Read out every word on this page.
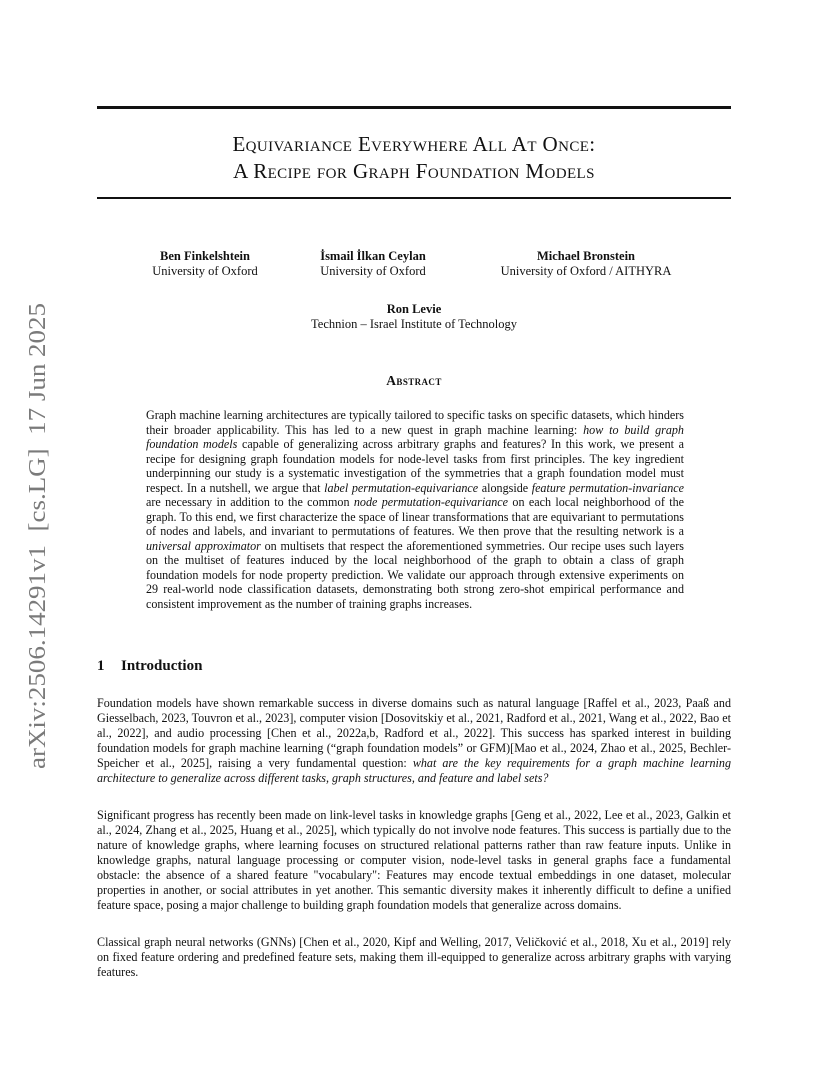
arXiv:2506.14291v1  [cs.LG]  17 Jun 2025
Equivariance Everywhere All At Once:
A Recipe for Graph Foundation Models
Ben Finkelshtein
University of Oxford
İsmail İlkan Ceylan
University of Oxford
Michael Bronstein
University of Oxford / AITHYRA
Ron Levie
Technion – Israel Institute of Technology
Abstract
Graph machine learning architectures are typically tailored to specific tasks on specific datasets, which hinders their broader applicability. This has led to a new quest in graph machine learning: how to build graph foundation models capable of generalizing across arbitrary graphs and features? In this work, we present a recipe for designing graph foundation models for node-level tasks from first principles. The key ingredient underpinning our study is a systematic investigation of the symmetries that a graph foundation model must respect. In a nutshell, we argue that label permutation-equivariance alongside feature permutation-invariance are necessary in addition to the common node permutation-equivariance on each local neighborhood of the graph. To this end, we first characterize the space of linear transformations that are equivariant to permutations of nodes and labels, and invariant to permutations of features. We then prove that the resulting network is a universal approximator on multisets that respect the aforementioned symmetries. Our recipe uses such layers on the multiset of features induced by the local neighborhood of the graph to obtain a class of graph foundation models for node property prediction. We validate our approach through extensive experiments on 29 real-world node classification datasets, demonstrating both strong zero-shot empirical performance and consistent improvement as the number of training graphs increases.
1 Introduction

Foundation models have shown remarkable success in diverse domains such as natural language [Raffel et al., 2023, Paaß and Giesselbach, 2023, Touvron et al., 2023], computer vision [Dosovitskiy et al., 2021, Radford et al., 2021, Wang et al., 2022, Bao et al., 2022], and audio processing [Chen et al., 2022a,b, Radford et al., 2022]. This success has sparked interest in building foundation models for graph machine learning (“graph foundation models” or GFM)[Mao et al., 2024, Zhao et al., 2025, Bechler-Speicher et al., 2025], raising a very fundamental question: what are the key requirements for a graph machine learning architecture to generalize across different tasks, graph structures, and feature and label sets?

Significant progress has recently been made on link-level tasks in knowledge graphs [Geng et al., 2022, Lee et al., 2023, Galkin et al., 2024, Zhang et al., 2025, Huang et al., 2025], which typically do not involve node features. This success is partially due to the nature of knowledge graphs, where learning focuses on structured relational patterns rather than raw feature inputs. Unlike in knowledge graphs, natural language processing or computer vision, node-level tasks in general graphs face a fundamental obstacle: the absence of a shared feature "vocabulary": Features may encode textual embeddings in one dataset, molecular properties in another, or social attributes in yet another. This semantic diversity makes it inherently difficult to define a unified feature space, posing a major challenge to building graph foundation models that generalize across domains.

Classical graph neural networks (GNNs) [Chen et al., 2020, Kipf and Welling, 2017, Veličković et al., 2018, Xu et al., 2019] rely on fixed feature ordering and predefined feature sets, making them ill-equipped to generalize across arbitrary graphs with varying features.
